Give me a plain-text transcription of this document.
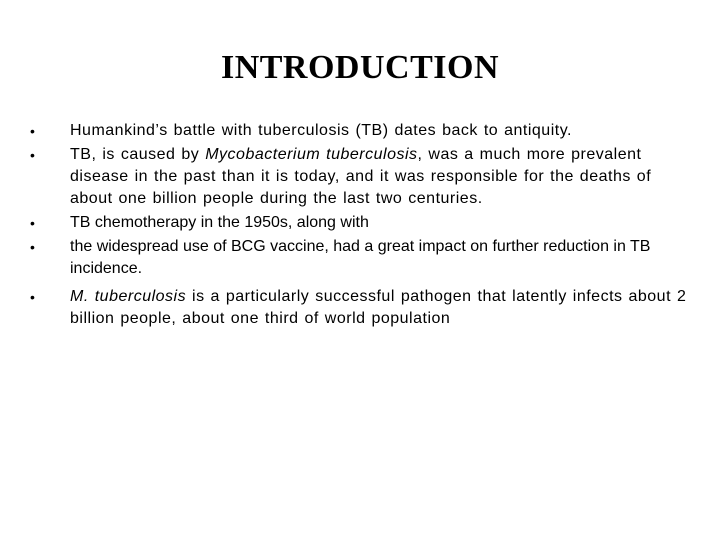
INTRODUCTION
•	Humankind’s battle with tuberculosis (TB) dates back to antiquity.
•	TB, is caused by Mycobacterium tuberculosis, was a much more prevalent disease in the past than it is today, and it was responsible for the deaths of about one billion people during the last two centuries.
•	TB chemotherapy in the 1950s, along with
•	the widespread use of BCG vaccine, had a great impact on further reduction in TB incidence.
•	M. tuberculosis is a particularly successful pathogen that latently infects about 2 billion people, about one third of world population
